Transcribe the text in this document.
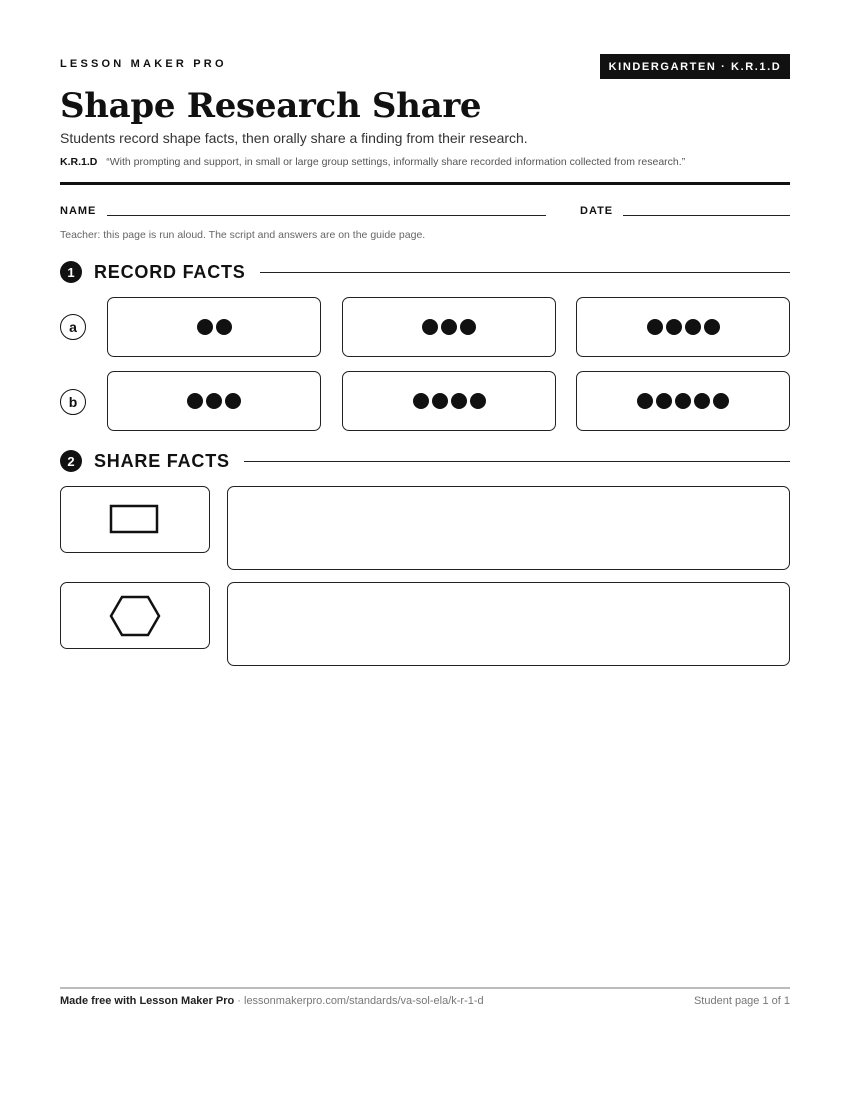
LESSON MAKER PRO	KINDERGARTEN · K.R.1.D
Shape Research Share
Students record shape facts, then orally share a finding from their research.
K.R.1.D “With prompting and support, in small or large group settings, informally share recorded information collected from research.”
NAME	DATE
Teacher: this page is run aloud. The script and answers are on the guide page.
1	RECORD FACTS
a
b
2	SHARE FACTS
Made free with Lesson Maker Pro · lessonmakerpro.com/standards/va-sol-ela/k-r-1-d	Student page 1 of 1
